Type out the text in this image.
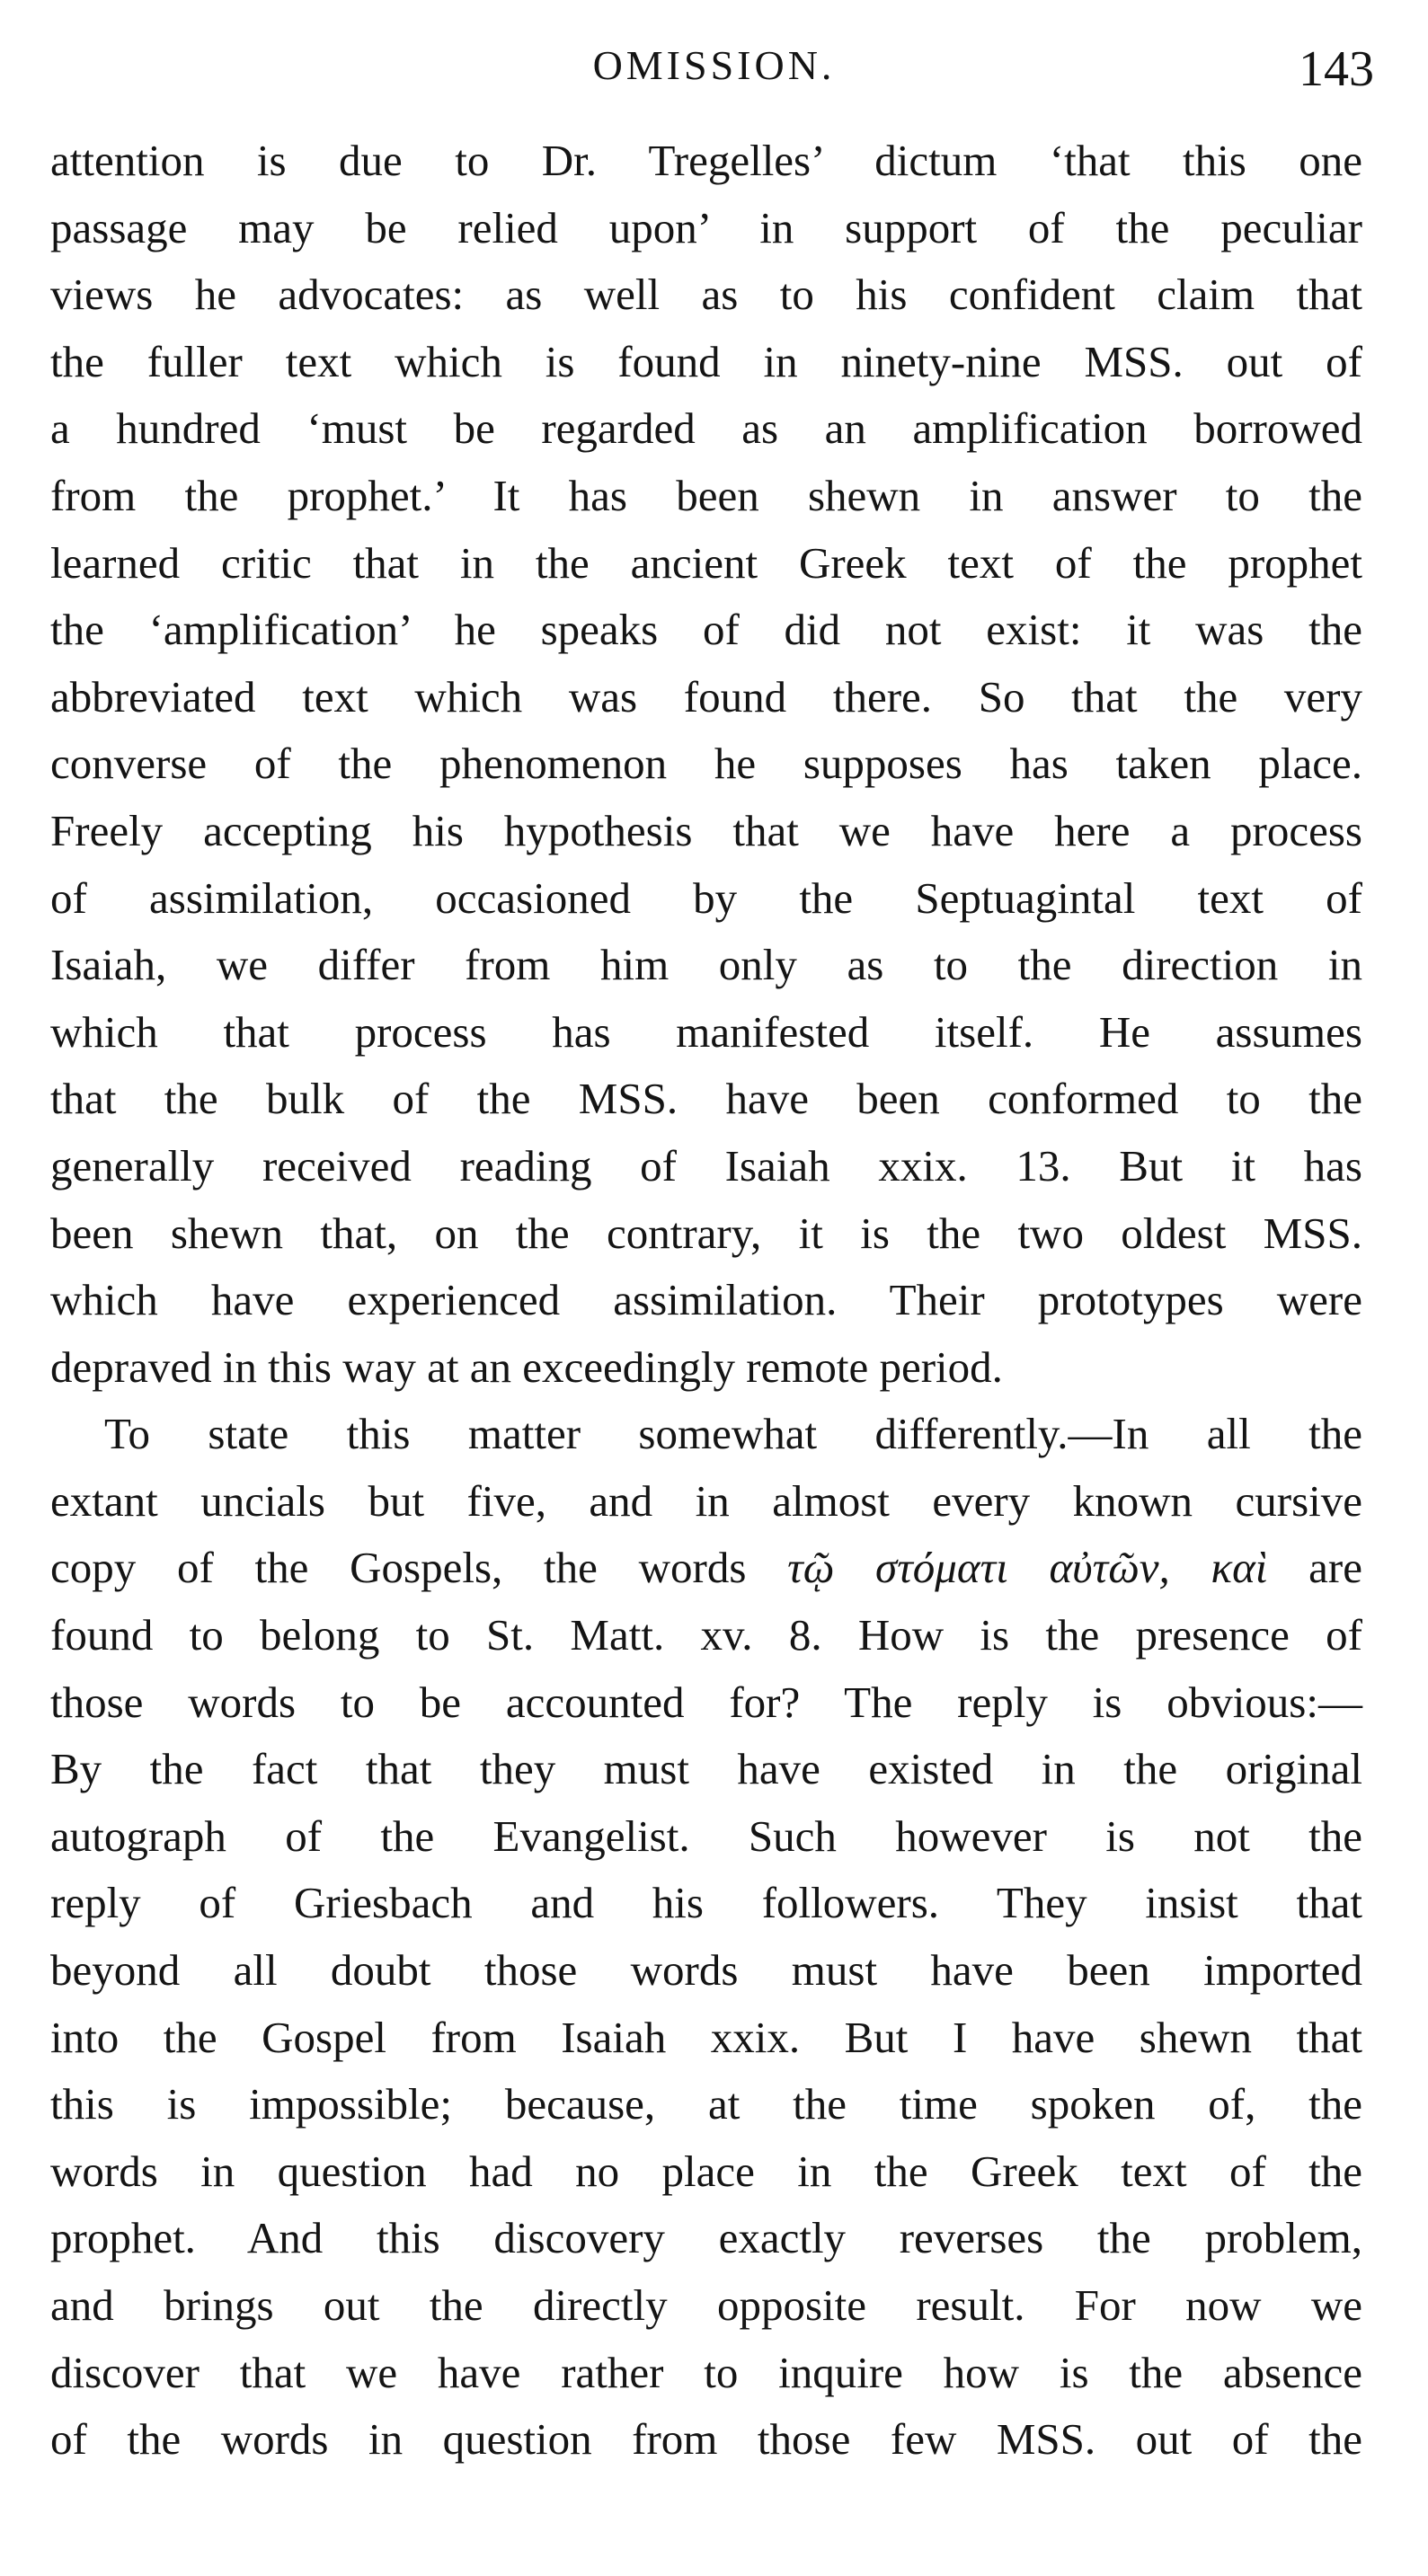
OMISSION.	143
attention is due to Dr. Tregelles’ dictum ‘that this one
passage may be relied upon’ in support of the peculiar
views he advocates: as well as to his confident claim that
the fuller text which is found in ninety-nine MSS. out of
a hundred ‘must be regarded as an amplification borrowed
from the prophet.’ It has been shewn in answer to the
learned critic that in the ancient Greek text of the prophet
the ‘amplification’ he speaks of did not exist: it was the
abbreviated text which was found there. So that the very
converse of the phenomenon he supposes has taken place.
Freely accepting his hypothesis that we have here a process
of assimilation, occasioned by the Septuagintal text of
Isaiah, we differ from him only as to the direction in
which that process has manifested itself. He assumes
that the bulk of the MSS. have been conformed to the
generally received reading of Isaiah xxix. 13. But it has
been shewn that, on the contrary, it is the two oldest MSS.
which have experienced assimilation. Their prototypes were
depraved in this way at an exceedingly remote period.
To state this matter somewhat differently.—In all the
extant uncials but five, and in almost every known cursive
copy of the Gospels, the words τῷ στόματι αὐτῶν, καὶ are
found to belong to St. Matt. xv. 8. How is the presence of
those words to be accounted for? The reply is obvious:—
By the fact that they must have existed in the original
autograph of the Evangelist. Such however is not the
reply of Griesbach and his followers. They insist that
beyond all doubt those words must have been imported
into the Gospel from Isaiah xxix. But I have shewn that
this is impossible; because, at the time spoken of, the
words in question had no place in the Greek text of the
prophet. And this discovery exactly reverses the problem,
and brings out the directly opposite result. For now we
discover that we have rather to inquire how is the absence
of the words in question from those few MSS. out of the
